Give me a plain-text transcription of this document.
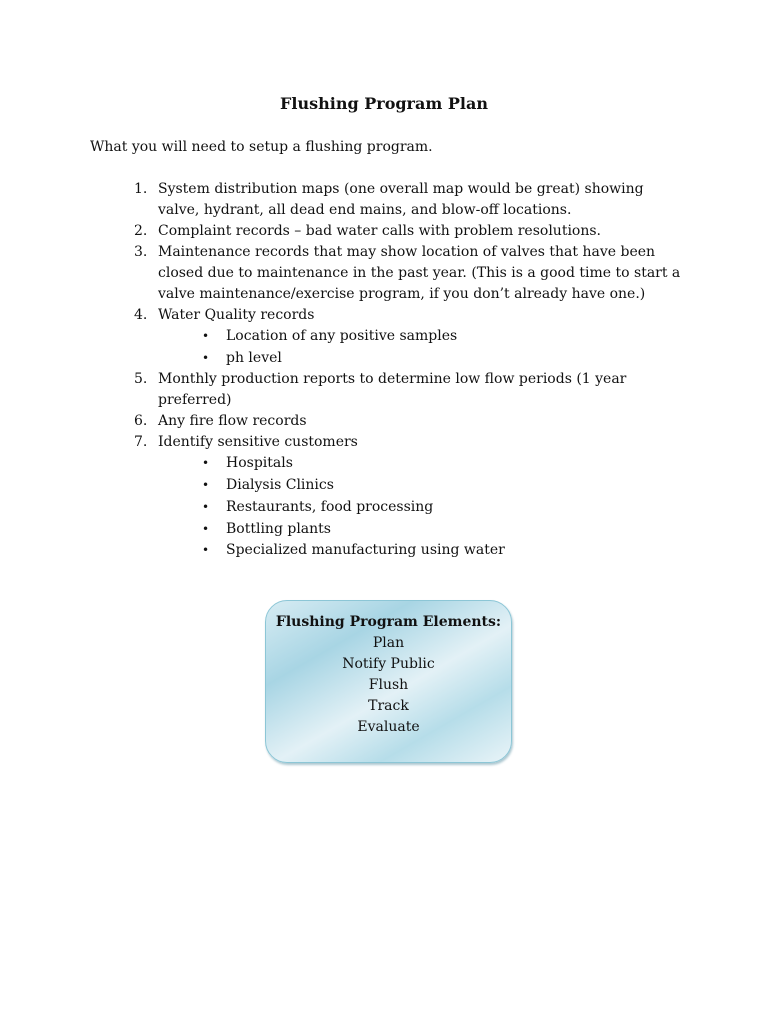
Flushing Program Plan
What you will need to setup a flushing program.
1. System distribution maps (one overall map would be great) showing valve, hydrant, all dead end mains, and blow-off locations.
2. Complaint records – bad water calls with problem resolutions.
3. Maintenance records that may show location of valves that have been closed due to maintenance in the past year. (This is a good time to start a valve maintenance/exercise program, if you don’t already have one.)
4. Water Quality records
• Location of any positive samples
• ph level
5. Monthly production reports to determine low flow periods (1 year preferred)
6. Any fire flow records
7. Identify sensitive customers
• Hospitals
• Dialysis Clinics
• Restaurants, food processing
• Bottling plants
• Specialized manufacturing using water
Flushing Program Elements:
Plan
Notify Public
Flush
Track
Evaluate
